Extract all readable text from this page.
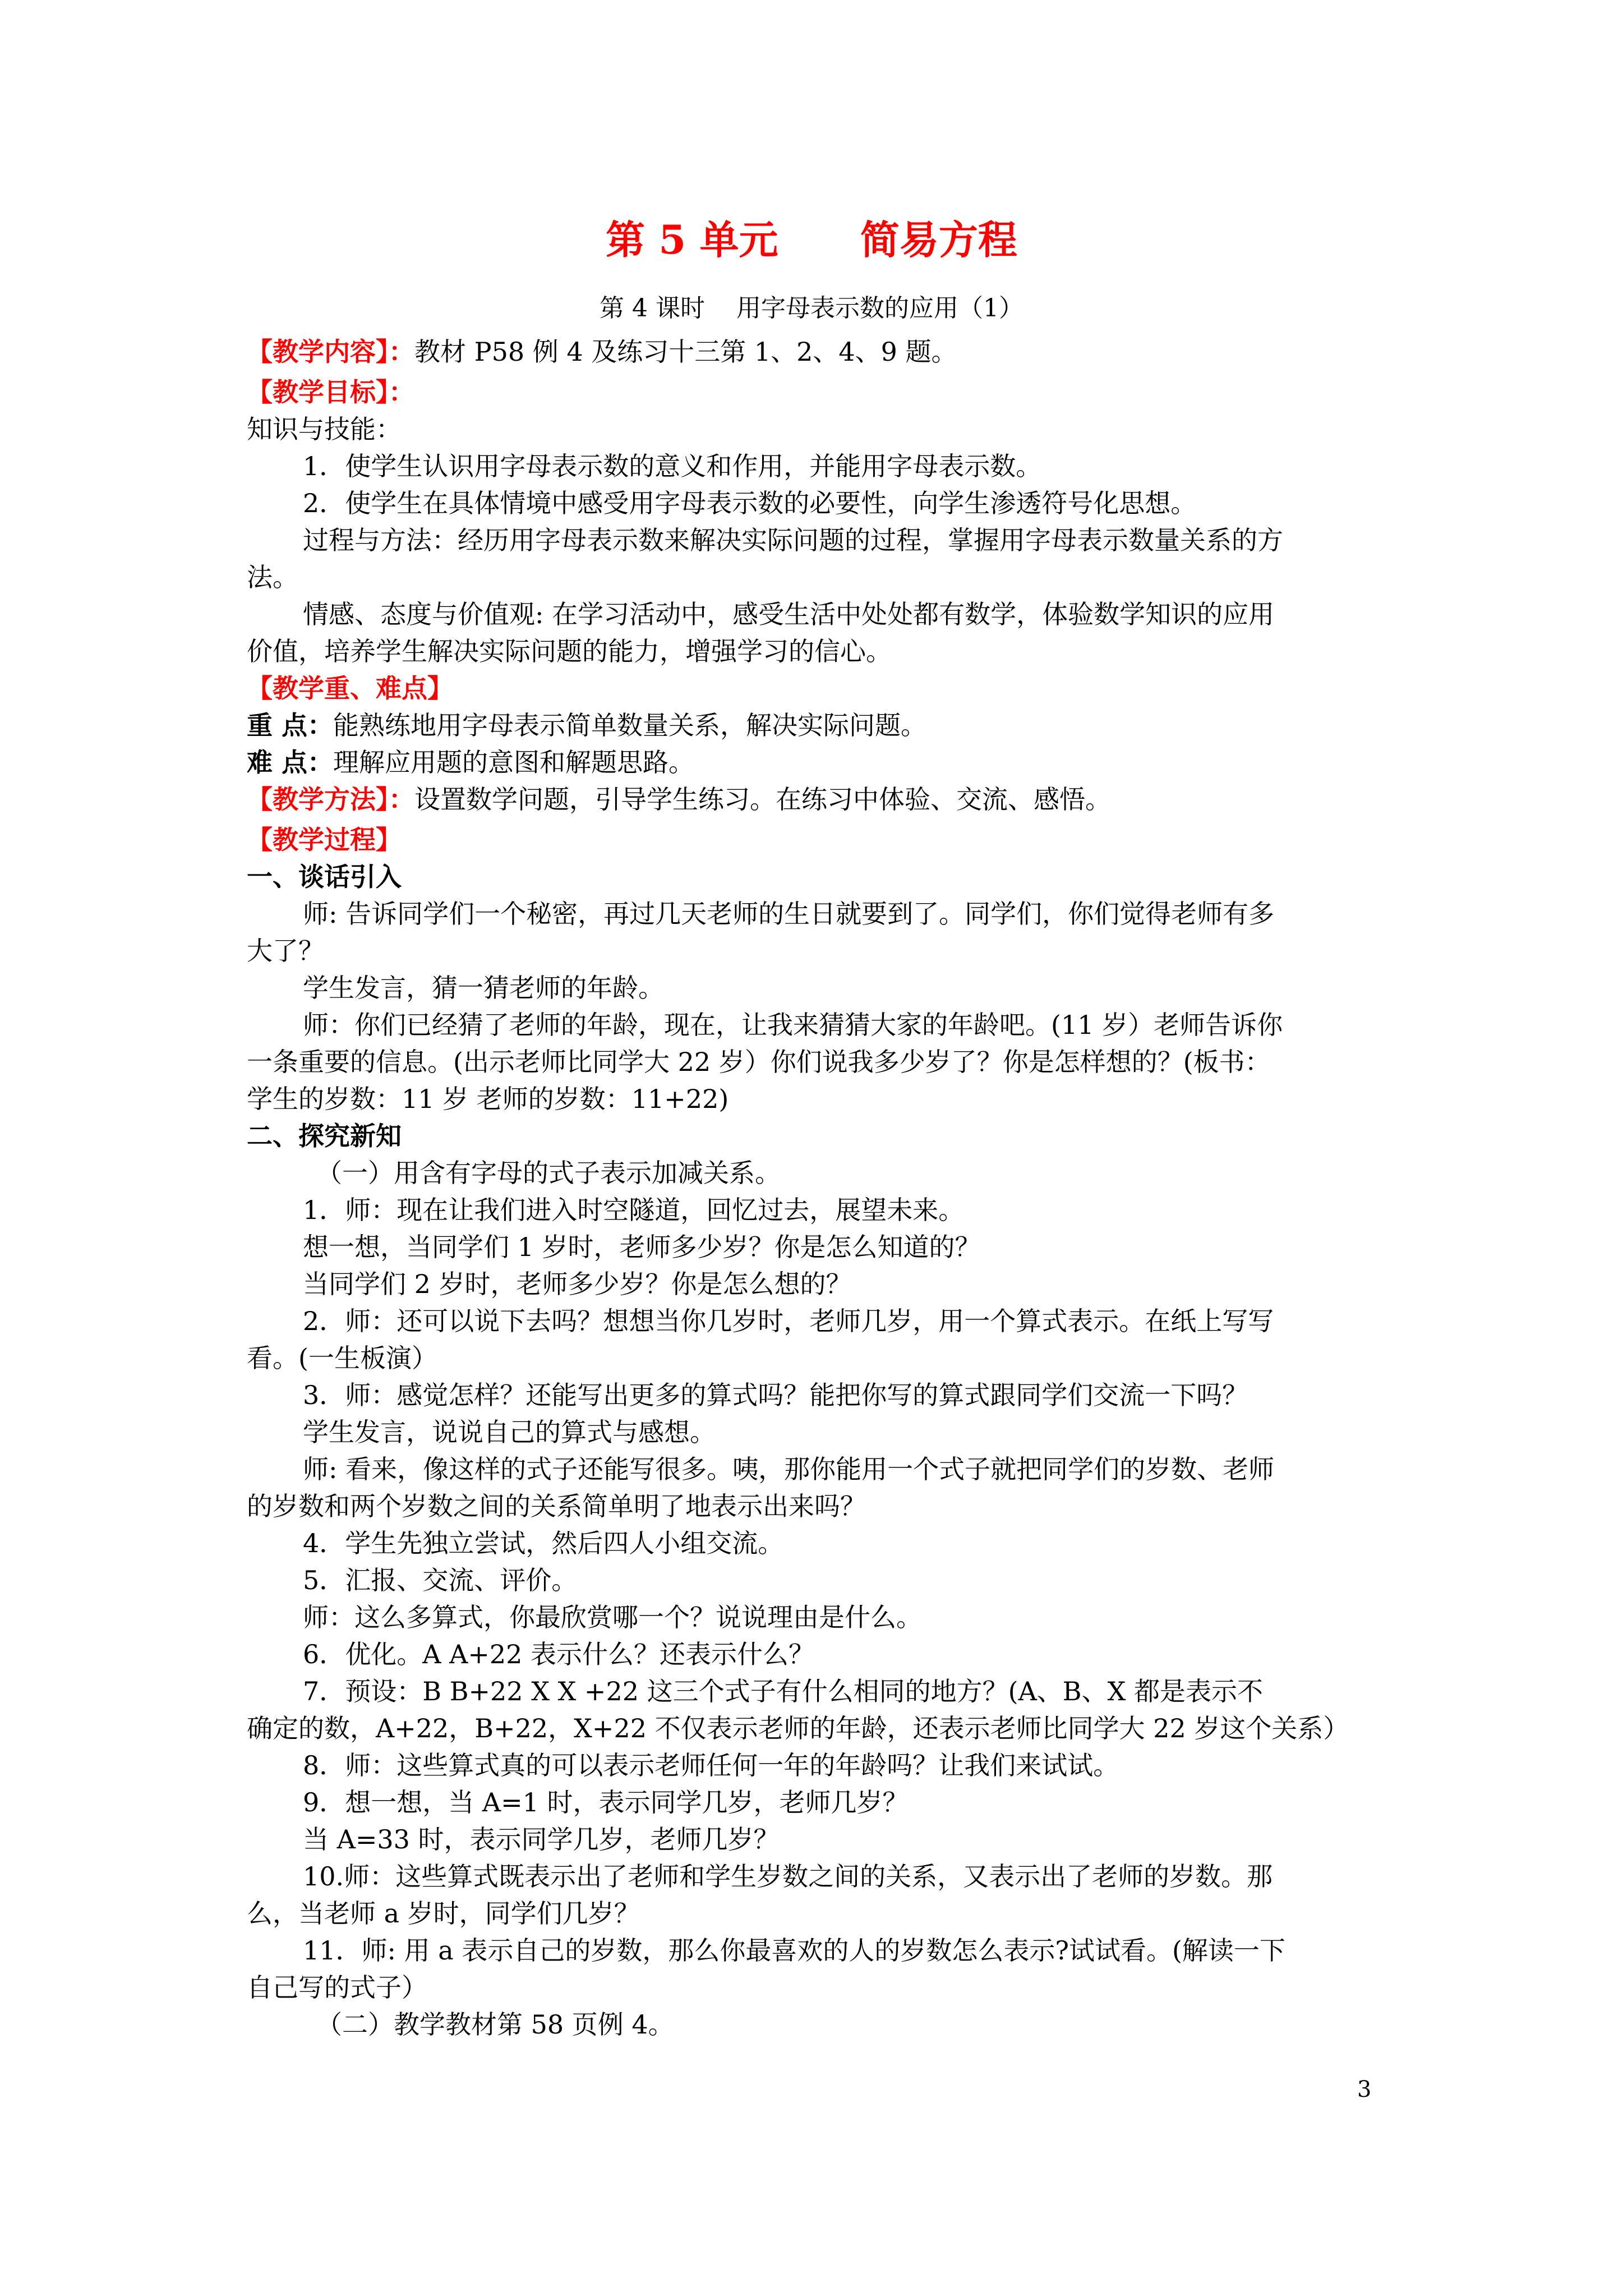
第 5 单元      简易方程
第 4 课时    用字母表示数的应用（1）

【教学内容】：教材 P58 例 4 及练习十三第 1、2、4、9 题。

【教学目标】：

知识与技能：

1．使学生认识用字母表示数的意义和作用，并能用字母表示数。

2．使学生在具体情境中感受用字母表示数的必要性，向学生渗透符号化思想。

过程与方法：经历用字母表示数来解决实际问题的过程，掌握用字母表示数量关系的方

法。

情感、态度与价值观: 在学习活动中，感受生活中处处都有数学，体验数学知识的应用

价值，培养学生解决实际问题的能力，增强学习的信心。

【教学重、难点】

重 点：能熟练地用字母表示简单数量关系，解决实际问题。

难 点：理解应用题的意图和解题思路。

【教学方法】：设置数学问题，引导学生练习。在练习中体验、交流、感悟。

【教学过程】

一、谈话引入

师: 告诉同学们一个秘密，再过几天老师的生日就要到了。同学们，你们觉得老师有多

大了？

学生发言，猜一猜老师的年龄。

师：你们已经猜了老师的年龄，现在，让我来猜猜大家的年龄吧。(11 岁）老师告诉你

一条重要的信息。(出示老师比同学大 22 岁）你们说我多少岁了？你是怎样想的？(板书：

学生的岁数：11 岁 老师的岁数：11+22)

二、探究新知

（一）用含有字母的式子表示加减关系。

1．师：现在让我们进入时空隧道，回忆过去，展望未来。

想一想，当同学们 1 岁时，老师多少岁？你是怎么知道的？

当同学们 2 岁时，老师多少岁？你是怎么想的？

2．师：还可以说下去吗？想想当你几岁时，老师几岁，用一个算式表示。在纸上写写

看。(一生板演）

3．师：感觉怎样？还能写出更多的算式吗？能把你写的算式跟同学们交流一下吗？

学生发言，说说自己的算式与感想。

师: 看来，像这样的式子还能写很多。咦，那你能用一个式子就把同学们的岁数、老师

的岁数和两个岁数之间的关系简单明了地表示出来吗？

4．学生先独立尝试，然后四人小组交流。

5．汇报、交流、评价。

师：这么多算式，你最欣赏哪一个？说说理由是什么。

6．优化。A A+22 表示什么？还表示什么？

7．预设：B B+22 X X +22 这三个式子有什么相同的地方？(A、B、X 都是表示不

确定的数，A+22，B+22，X+22 不仅表示老师的年龄，还表示老师比同学大 22 岁这个关系）

8．师：这些算式真的可以表示老师任何一年的年龄吗？让我们来试试。

9．想一想，当 A=1 时，表示同学几岁，老师几岁？

当 A=33 时，表示同学几岁，老师几岁？

10.师：这些算式既表示出了老师和学生岁数之间的关系，又表示出了老师的岁数。那

么，当老师 a 岁时，同学们几岁？

11．师: 用 a 表示自己的岁数，那么你最喜欢的人的岁数怎么表示?试试看。(解读一下

自己写的式子）

（二）教学教材第 58 页例 4。

3
